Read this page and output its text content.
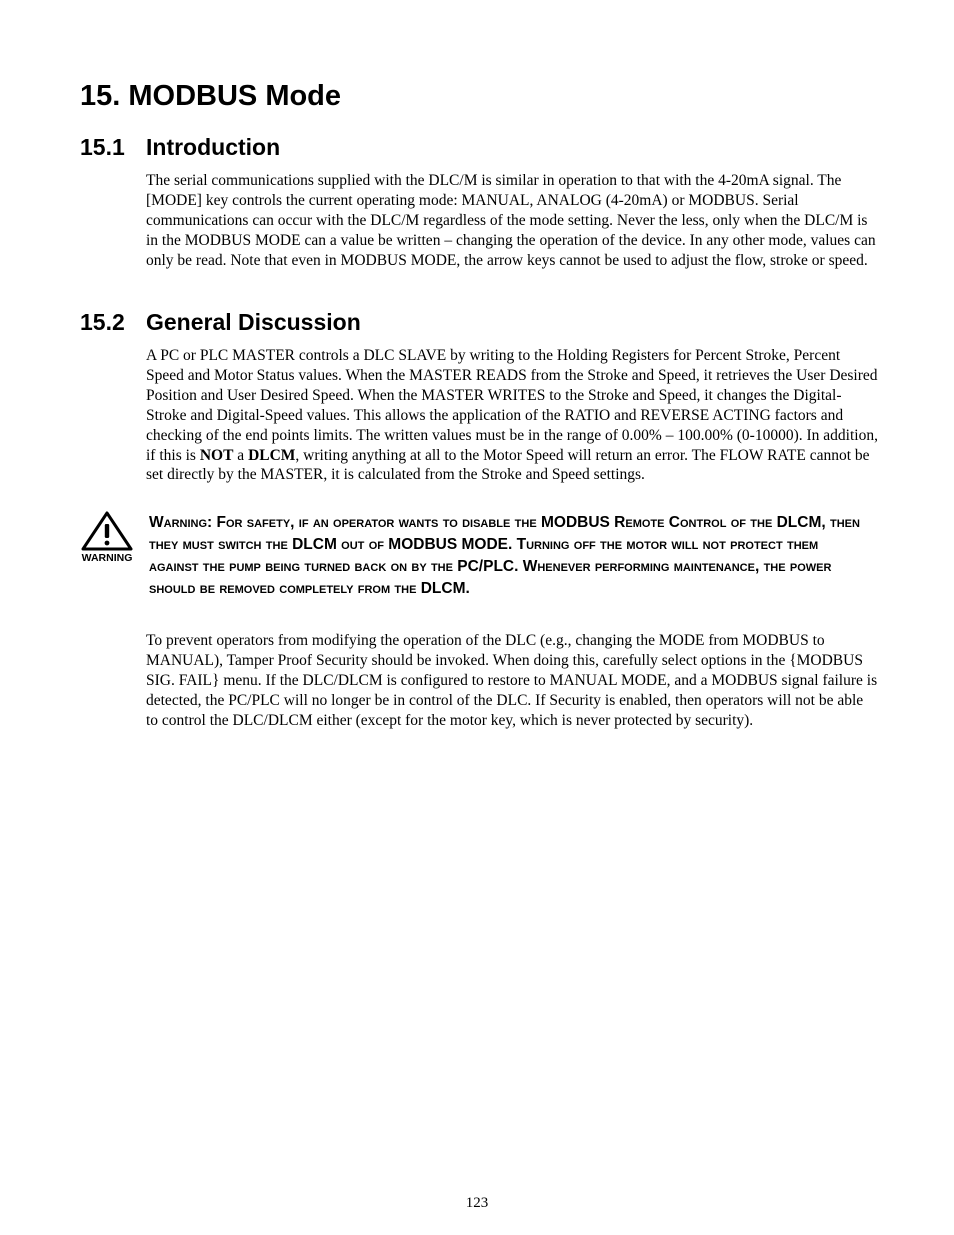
15. MODBUS Mode
15.1 Introduction

The serial communications supplied with the DLC/M is similar in operation to that with the 4-20mA signal. The [MODE] key controls the current operating mode: MANUAL, ANALOG (4-20mA) or MODBUS. Serial communications can occur with the DLC/M regardless of the mode setting. Never the less, only when the DLC/M is in the MODBUS MODE can a value be written – changing the operation of the device. In any other mode, values can only be read. Note that even in MODBUS MODE, the arrow keys cannot be used to adjust the flow, stroke or speed.

15.2 General Discussion

A PC or PLC MASTER controls a DLC SLAVE by writing to the Holding Registers for Percent Stroke, Percent Speed and Motor Status values. When the MASTER READS from the Stroke and Speed, it retrieves the User Desired Position and User Desired Speed. When the MASTER WRITES to the Stroke and Speed, it changes the Digital-Stroke and Digital-Speed values. This allows the application of the RATIO and REVERSE ACTING factors and checking of the end points limits. The written values must be in the range of 0.00% – 100.00% (0-10000). In addition, if this is NOT a DLCM, writing anything at all to the Motor Speed will return an error. The FLOW RATE cannot be set directly by the MASTER, it is calculated from the Stroke and Speed settings.

WARNING

Warning: For safety, if an operator wants to disable the MODBUS Remote Control of the DLCM, then they must switch the DLCM out of MODBUS MODE. Turning off the motor will not protect them against the pump being turned back on by the PC/PLC. Whenever performing maintenance, the power should be removed completely from the DLCM.

To prevent operators from modifying the operation of the DLC (e.g., changing the MODE from MODBUS to MANUAL), Tamper Proof Security should be invoked. When doing this, carefully select options in the {MODBUS SIG. FAIL} menu. If the DLC/DLCM is configured to restore to MANUAL MODE, and a MODBUS signal failure is detected, the PC/PLC will no longer be in control of the DLC. If Security is enabled, then operators will not be able to control the DLC/DLCM either (except for the motor key, which is never protected by security).

123
